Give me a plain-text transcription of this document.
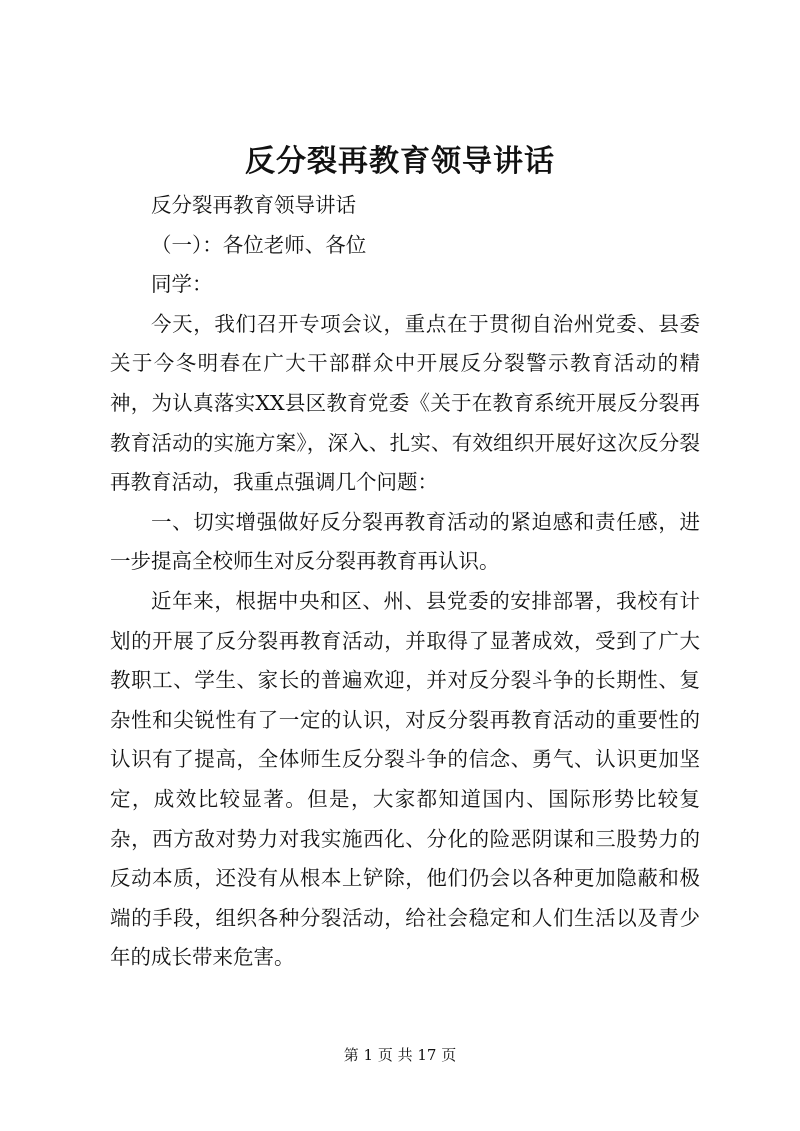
反分裂再教育领导讲话

反分裂再教育领导讲话

（一）：各位老师、各位

同学：

今天，我们召开专项会议，重点在于贯彻自治州党委、县委关于今冬明春在广大干部群众中开展反分裂警示教育活动的精神，为认真落实XX县区教育党委《关于在教育系统开展反分裂再教育活动的实施方案》，深入、扎实、有效组织开展好这次反分裂再教育活动，我重点强调几个问题：

一、切实增强做好反分裂再教育活动的紧迫感和责任感，进一步提高全校师生对反分裂再教育再认识。

近年来，根据中央和区、州、县党委的安排部署，我校有计划的开展了反分裂再教育活动，并取得了显著成效，受到了广大教职工、学生、家长的普遍欢迎，并对反分裂斗争的长期性、复杂性和尖锐性有了一定的认识，对反分裂再教育活动的重要性的认识有了提高，全体师生反分裂斗争的信念、勇气、认识更加坚定，成效比较显著。但是，大家都知道国内、国际形势比较复杂，西方敌对势力对我实施西化、分化的险恶阴谋和三股势力的反动本质，还没有从根本上铲除，他们仍会以各种更加隐蔽和极端的手段，组织各种分裂活动，给社会稳定和人们生活以及青少年的成长带来危害。

第 1 页 共 17 页
